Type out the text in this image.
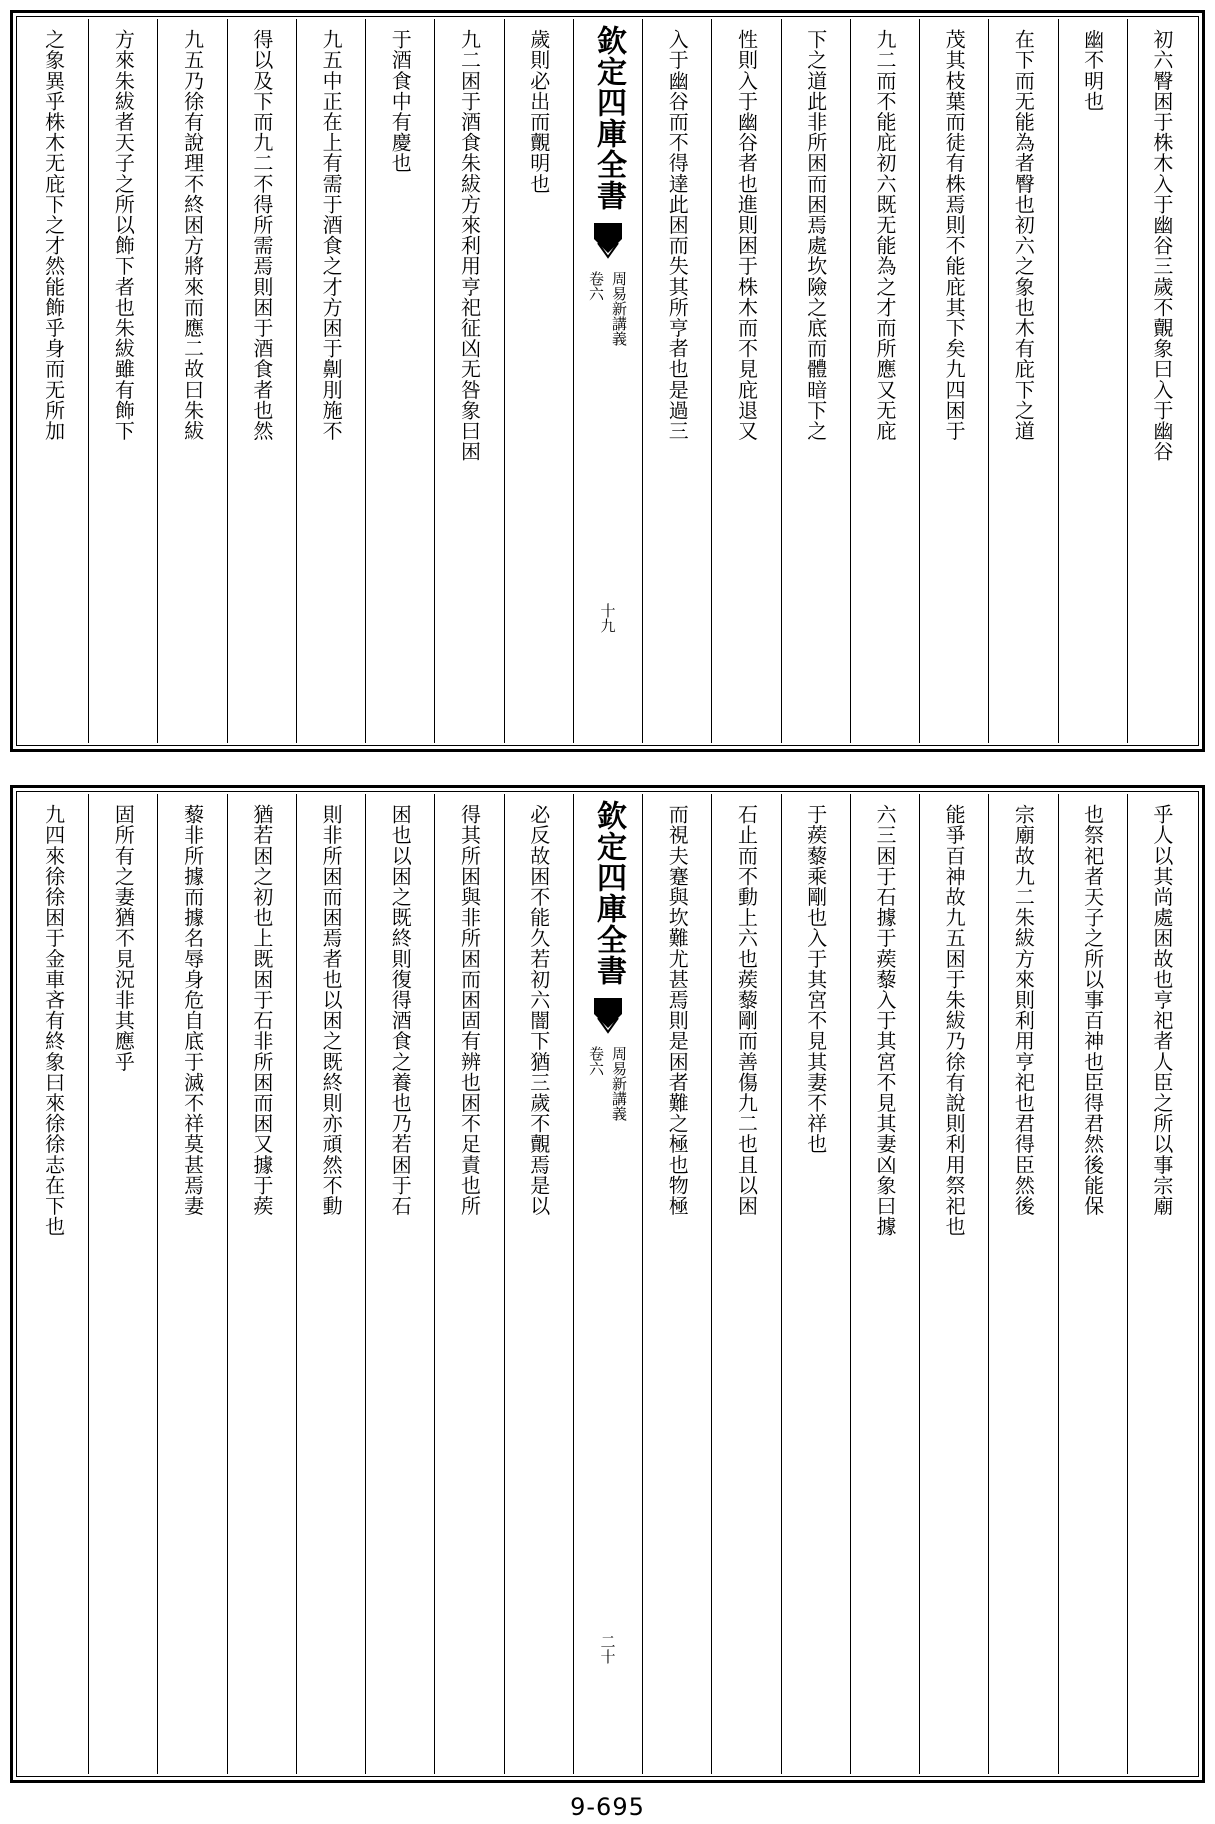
初六臀困于株木入于幽谷三歲不覿象曰入于幽谷
幽不明也
在下而无能為者臀也初六之象也木有庇下之道
茂其枝葉而徒有株焉則不能庇其下矣九四困于
九二而不能庇初六既无能為之才而所應又无庇
下之道此非所困而困焉處坎險之底而體暗下之
性則入于幽谷者也進則困于株木而不見庇退又
入于幽谷而不得達此困而失其所亨者也是過三
欽定四庫全書
周易新講義
卷六
十九
歲則必出而覿明也
九二困于酒食朱紱方來利用亨祀征凶无咎象曰困
于酒食中有慶也
九五中正在上有需于酒食之才方困于劓刖施不
得以及下而九二不得所需焉則困于酒食者也然
九五乃徐有說理不終困方將來而應二故曰朱紱
方來朱紱者天子之所以飾下者也朱紱雖有飾下
之象異乎株木无庇下之才然能飾乎身而无所加
乎人以其尚處困故也亨祀者人臣之所以事宗廟
也祭祀者天子之所以事百神也臣得君然後能保
宗廟故九二朱紱方來則利用亨祀也君得臣然後
能爭百神故九五困于朱紱乃徐有說則利用祭祀也
六三困于石據于蒺藜入于其宮不見其妻凶象曰據
于蒺藜乘剛也入于其宮不見其妻不祥也
石止而不動上六也蒺藜剛而善傷九二也且以困
而視夫蹇與坎難尤甚焉則是困者難之極也物極
欽定四庫全書
周易新講義
卷六
二十
必反故困不能久若初六闇下猶三歲不覿焉是以
得其所困與非所困而困固有辨也困不足責也所
困也以困之既終則復得酒食之養也乃若困于石
則非所困而困焉者也以困之既終則亦頑然不動
猶若困之初也上既困于石非所困而困又據于蒺
藜非所據而據名辱身危自底于滅不祥莫甚焉妻
固所有之妻猶不見況非其應乎
九四來徐徐困于金車吝有終象曰來徐徐志在下也
9-695
